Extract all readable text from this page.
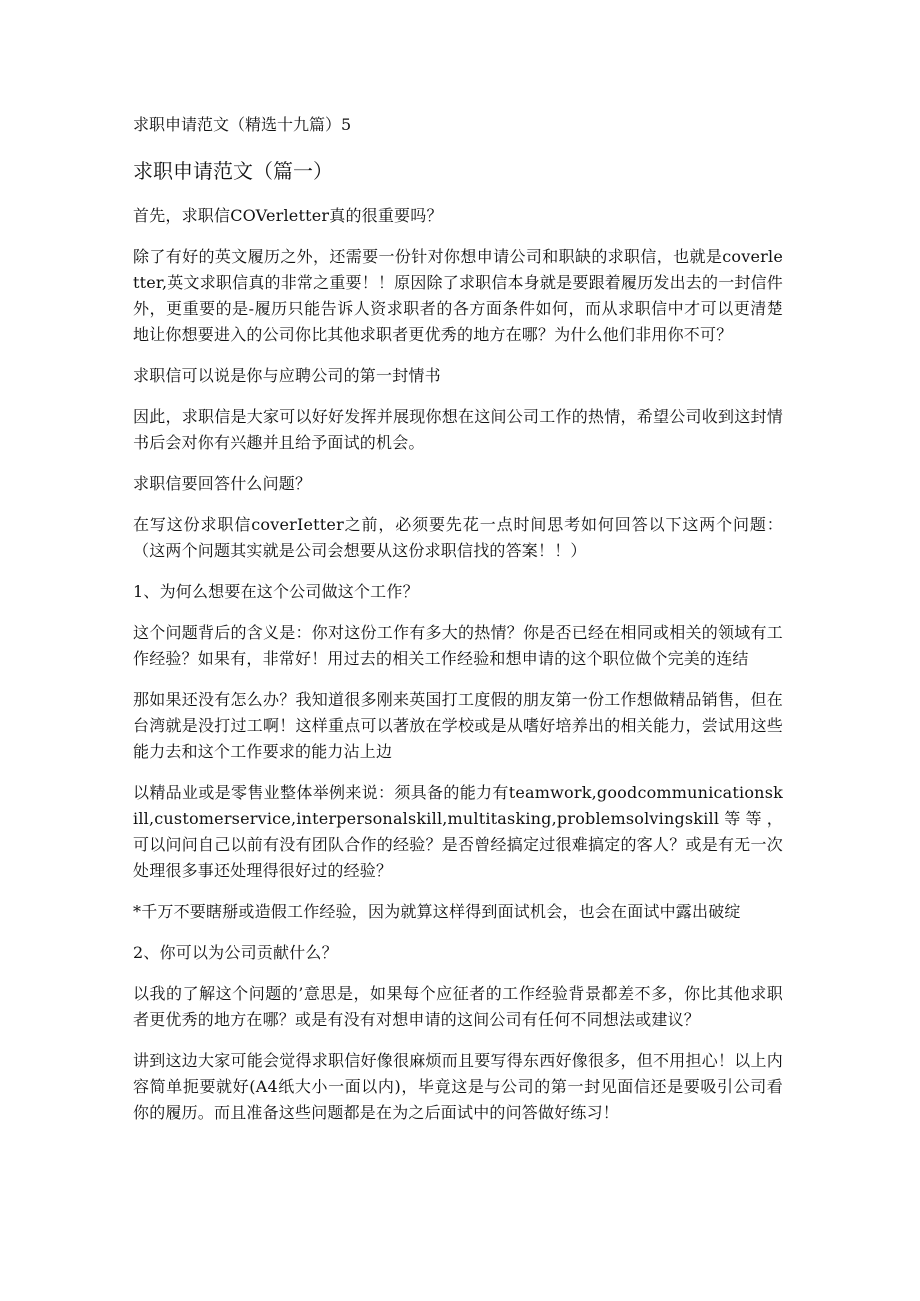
求职申请范文（精选十九篇）5
求职申请范文（篇一）

首先，求职信COVerletter真的很重要吗？

除了有好的英文履历之外，还需要一份针对你想申请公司和职缺的求职信，也就是coverletter,英文求职信真的非常之重要！！原因除了求职信本身就是要跟着履历发出去的一封信件外，更重要的是-履历只能告诉人资求职者的各方面条件如何，而从求职信中才可以更清楚地让你想要进入的公司你比其他求职者更优秀的地方在哪？为什么他们非用你不可？

求职信可以说是你与应聘公司的第一封情书

因此，求职信是大家可以好好发挥并展现你想在这间公司工作的热情，希望公司收到这封情书后会对你有兴趣并且给予面试的机会。

求职信要回答什么问题？

在写这份求职信coverIetter之前，必须要先花一点时间思考如何回答以下这两个问题：（这两个问题其实就是公司会想要从这份求职信找的答案！！）

1、为何么想要在这个公司做这个工作？

这个问题背后的含义是：你对这份工作有多大的热情？你是否已经在相同或相关的领域有工作经验？如果有，非常好！用过去的相关工作经验和想申请的这个职位做个完美的连结

那如果还没有怎么办？我知道很多刚来英国打工度假的朋友第一份工作想做精品销售，但在台湾就是没打过工啊！这样重点可以著放在学校或是从嗜好培养出的相关能力，尝试用这些能力去和这个工作要求的能力沾上边

以精品业或是零售业整体举例来说：须具备的能力有teamwork,goodcommunicationskill,customerservice,interpersonalskill,multitasking,problemsolvingskill等等，可以问问自己以前有没有团队合作的经验？是否曾经搞定过很难搞定的客人？或是有无一次处理很多事还处理得很好过的经验？

*千万不要瞎掰或造假工作经验，因为就算这样得到面试机会，也会在面试中露出破绽

2、你可以为公司贡献什么？

以我的了解这个问题的’意思是，如果每个应征者的工作经验背景都差不多，你比其他求职者更优秀的地方在哪？或是有没有对想申请的这间公司有任何不同想法或建议？

讲到这边大家可能会觉得求职信好像很麻烦而且要写得东西好像很多，但不用担心！以上内容简单扼要就好(A4纸大小一面以内)，毕竟这是与公司的第一封见面信还是要吸引公司看你的履历。而且准备这些问题都是在为之后面试中的问答做好练习！
